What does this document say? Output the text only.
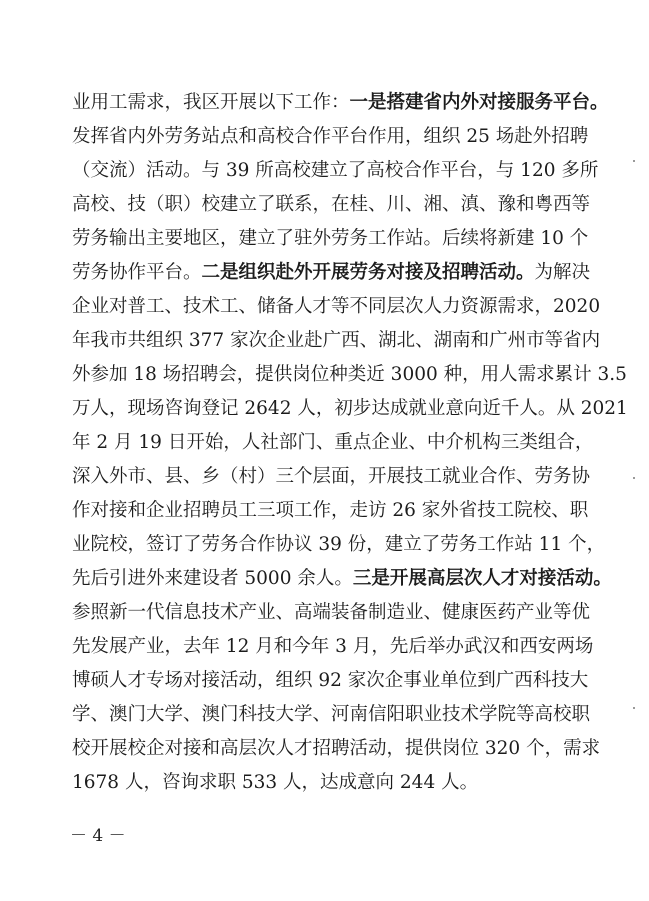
业用工需求，我区开展以下工作：一是搭建省内外对接服务平台。
发挥省内外劳务站点和高校合作平台作用，组织 25 场赴外招聘
（交流）活动。与 39 所高校建立了高校合作平台，与 120 多所
高校、技（职）校建立了联系，在桂、川、湘、滇、豫和粤西等
劳务输出主要地区，建立了驻外劳务工作站。后续将新建 10 个
劳务协作平台。二是组织赴外开展劳务对接及招聘活动。为解决
企业对普工、技术工、储备人才等不同层次人力资源需求，2020
年我市共组织 377 家次企业赴广西、湖北、湖南和广州市等省内
外参加 18 场招聘会，提供岗位种类近 3000 种，用人需求累计 3.5
万人，现场咨询登记 2642 人，初步达成就业意向近千人。从 2021
年 2 月 19 日开始，人社部门、重点企业、中介机构三类组合，
深入外市、县、乡（村）三个层面，开展技工就业合作、劳务协
作对接和企业招聘员工三项工作，走访 26 家外省技工院校、职
业院校，签订了劳务合作协议 39 份，建立了劳务工作站 11 个，
先后引进外来建设者 5000 余人。三是开展高层次人才对接活动。
参照新一代信息技术产业、高端装备制造业、健康医药产业等优
先发展产业，去年 12 月和今年 3 月，先后举办武汉和西安两场
博硕人才专场对接活动，组织 92 家次企事业单位到广西科技大
学、澳门大学、澳门科技大学、河南信阳职业技术学院等高校职
校开展校企对接和高层次人才招聘活动，提供岗位 320 个，需求
1678 人，咨询求职 533 人，达成意向 244 人。
－ 4 －
